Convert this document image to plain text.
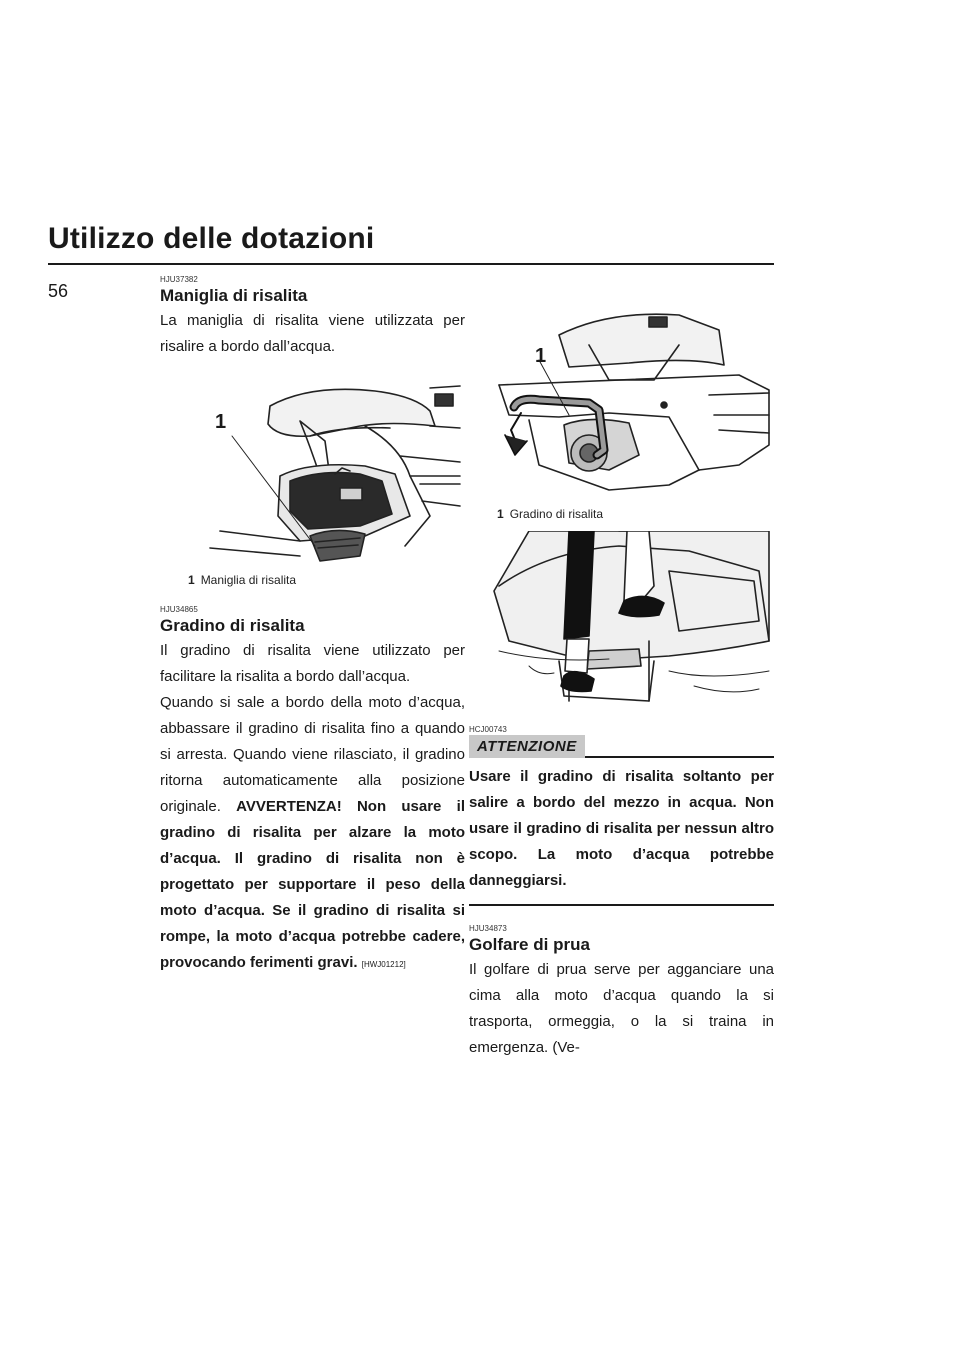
Utilizzo delle dotazioni
56

HJU37382

Maniglia di risalita

La maniglia di risalita viene utilizzata per risalire a bordo dall’acqua.

1

1 Maniglia di risalita

HJU34865

Gradino di risalita

Il gradino di risalita viene utilizzato per facilitare la risalita a bordo dall’acqua.

Quando si sale a bordo della moto d’acqua, abbassare il gradino di risalita fino a quando si arresta. Quando viene rilasciato, il gradino ritorna automaticamente alla posizione originale. AVVERTENZA! Non usare il gradino di risalita per alzare la moto d’acqua. Il gradino di risalita non è progettato per supportare il peso della moto d’acqua. Se il gradino di risalita si rompe, la moto d’acqua potrebbe cadere, provocando ferimenti gravi. [HWJ01212]

1

1 Gradino di risalita

HCJ00743

ATTENZIONE

Usare il gradino di risalita soltanto per salire a bordo del mezzo in acqua. Non usare il gradino di risalita per nessun altro scopo. La moto d’acqua potrebbe danneggiarsi.

HJU34873

Golfare di prua

Il golfare di prua serve per agganciare una cima alla moto d’acqua quando la si trasporta, ormeggia, o la si traina in emergenza. (Ve-
